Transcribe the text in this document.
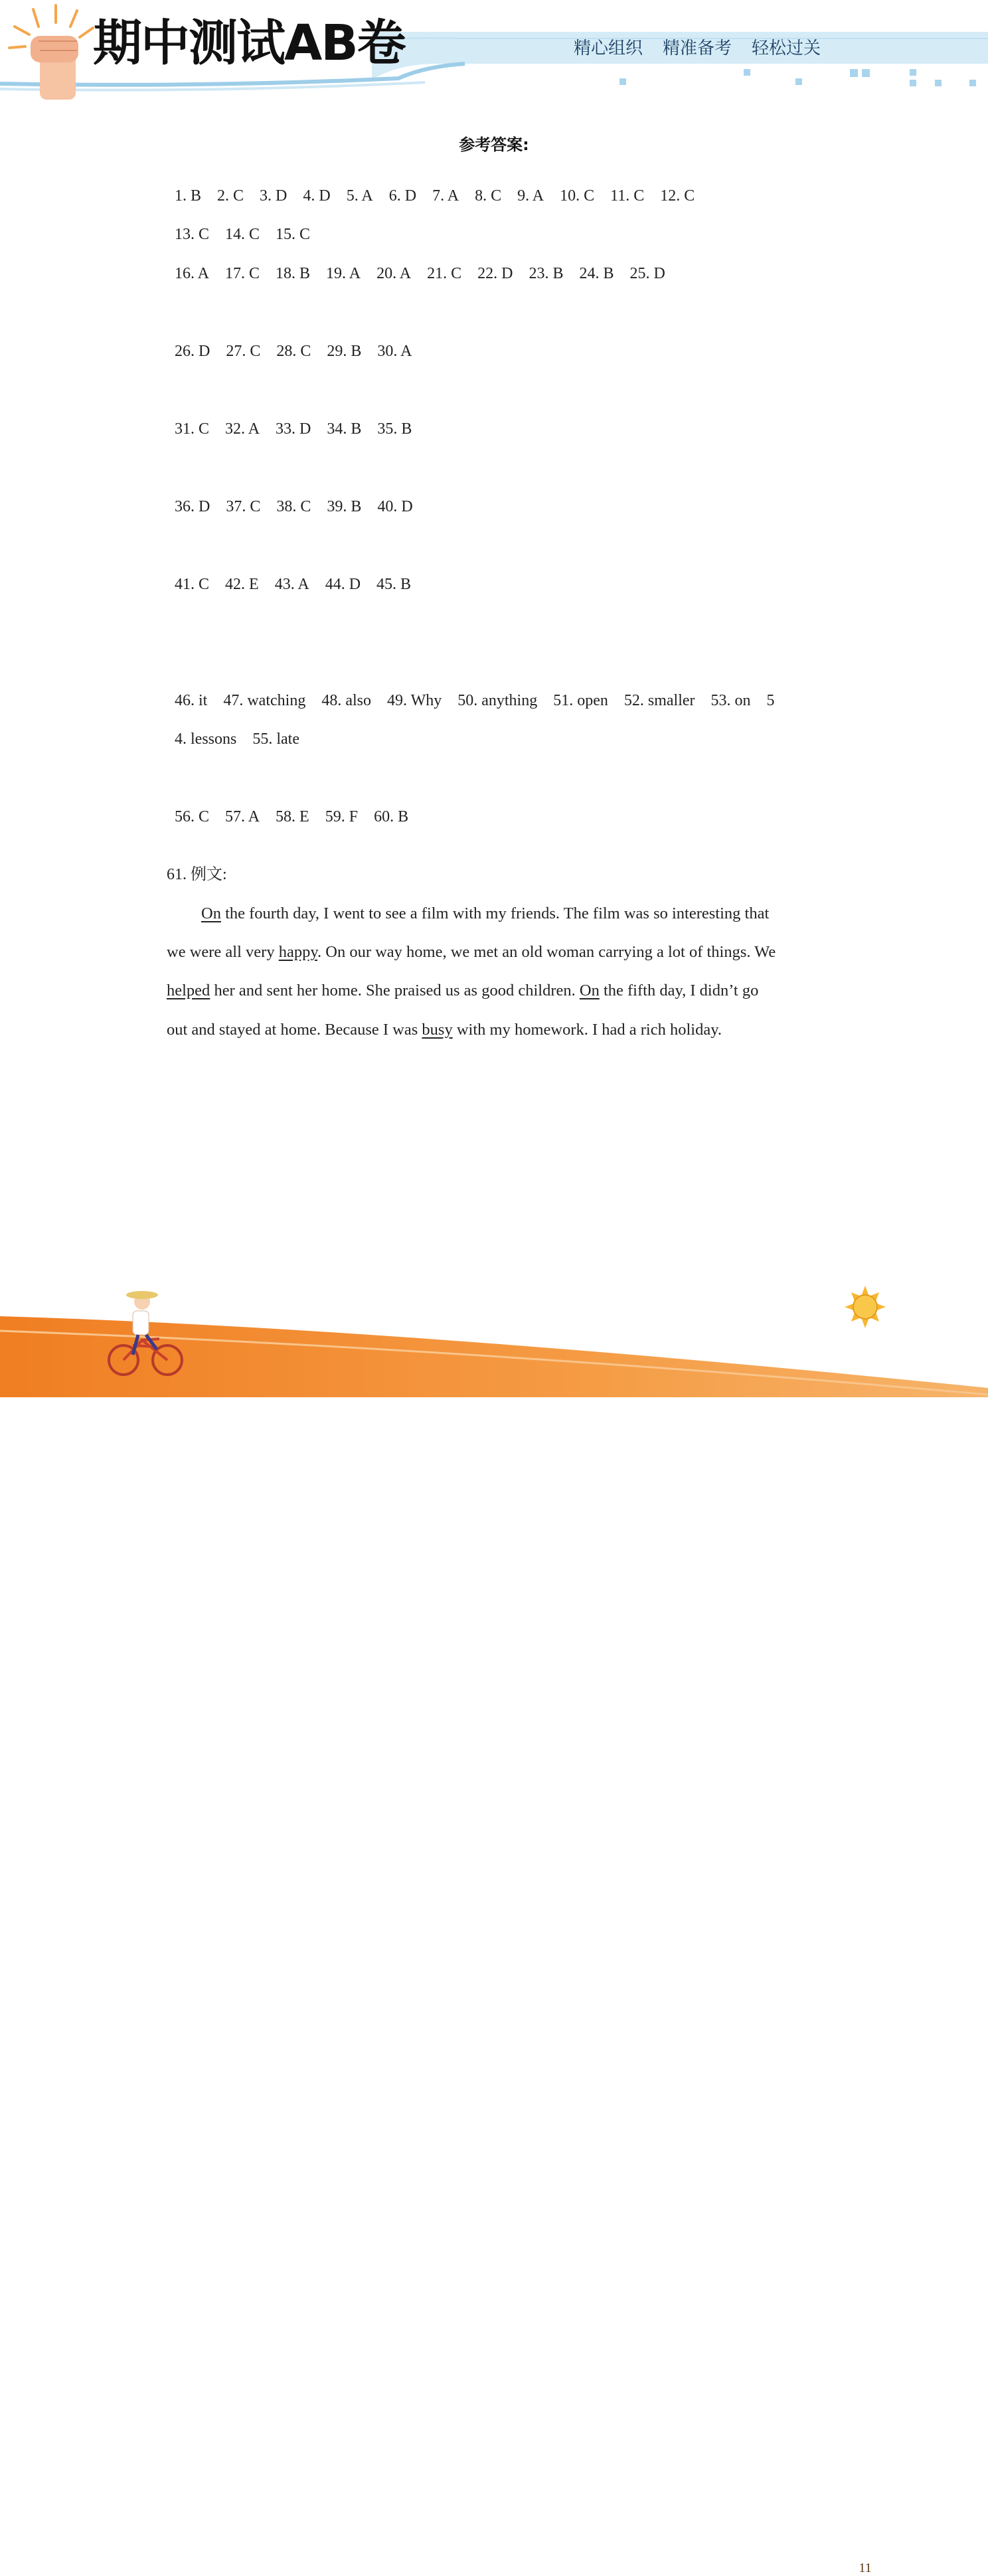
期中测试AB卷	精心组织 精准备考 轻松过关
参考答案:

1. B 2. C 3. D 4. D 5. A 6. D 7. A 8. C 9. A 10. C 11. C 12. C

13. C 14. C 15. C

16. A 17. C 18. B 19. A 20. A 21. C 22. D 23. B 24. B 25. D

26. D 27. C 28. C 29. B 30. A

31. C 32. A 33. D 34. B 35. B

36. D 37. C 38. C 39. B 40. D

41. C 42. E 43. A 44. D 45. B

46. it 47. watching 48. also 49. Why 50. anything 51. open 52. smaller 53. on 5

4. lessons 55. late

56. C 57. A 58. E 59. F 60. B

61. 例文:
On the fourth day, I went to see a film with my friends. The film was so interesting that
we were all very happy. On our way home, we met an old woman carrying a lot of things. We
helped her and sent her home. She praised us as good children. On the fifth day, I didn’t go
out and stayed at home. Because I was busy with my homework. I had a rich holiday.
11
